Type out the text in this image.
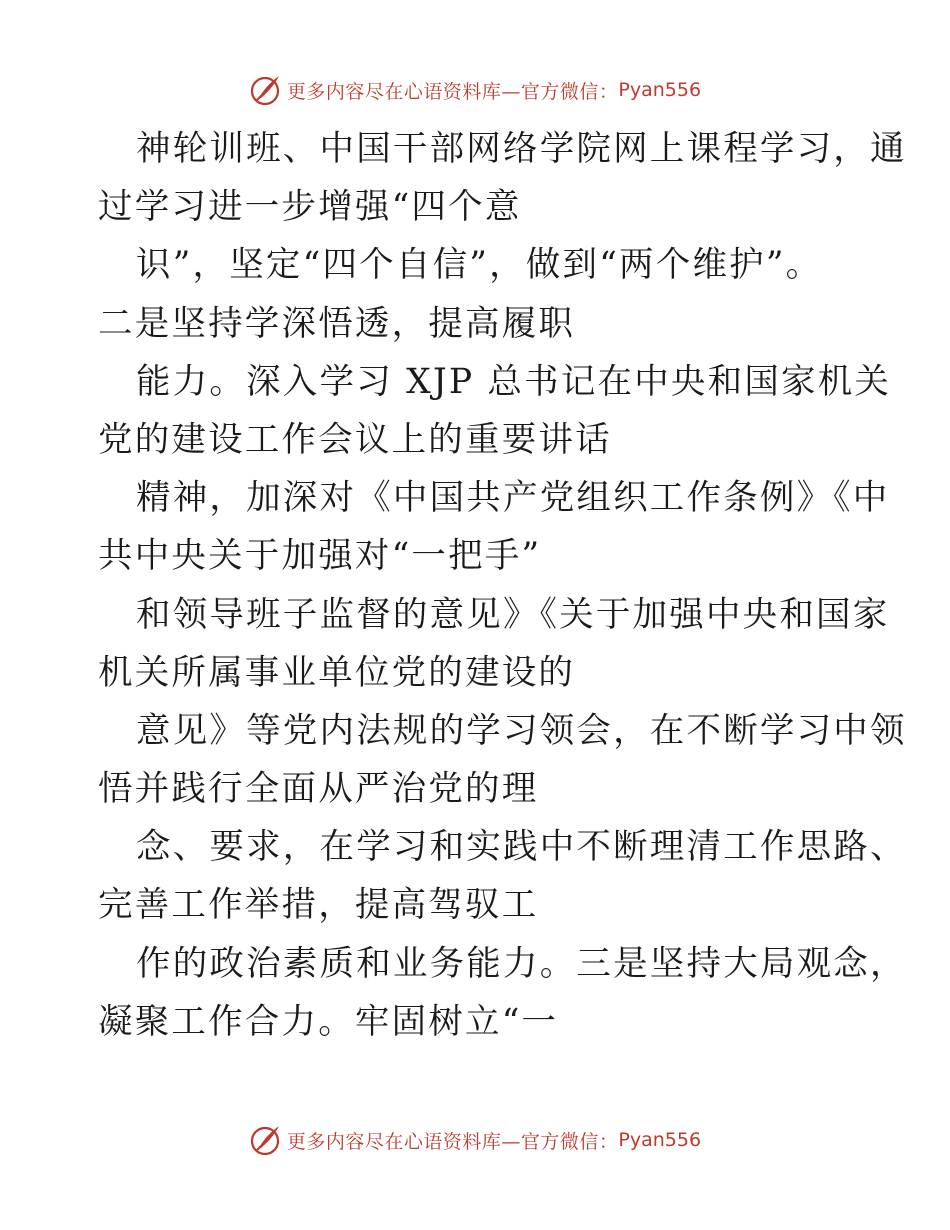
更多内容尽在心语资料库—官方微信： Pyan556
神轮训班、中国干部网络学院网上课程学习，通
过学习进一步增强“四个意
识”，坚定“四个自信”，做到“两个维护”。
二是坚持学深悟透，提高履职
能力。深入学习 XJP 总书记在中央和国家机关
党的建设工作会议上的重要讲话
精神，加深对《中国共产党组织工作条例》《中
共中央关于加强对“一把手”
和领导班子监督的意见》《关于加强中央和国家
机关所属事业单位党的建设的
意见》等党内法规的学习领会，在不断学习中领
悟并践行全面从严治党的理
念、要求，在学习和实践中不断理清工作思路、
完善工作举措，提高驾驭工
作的政治素质和业务能力。三是坚持大局观念，
凝聚工作合力。牢固树立“一
更多内容尽在心语资料库—官方微信： Pyan556
